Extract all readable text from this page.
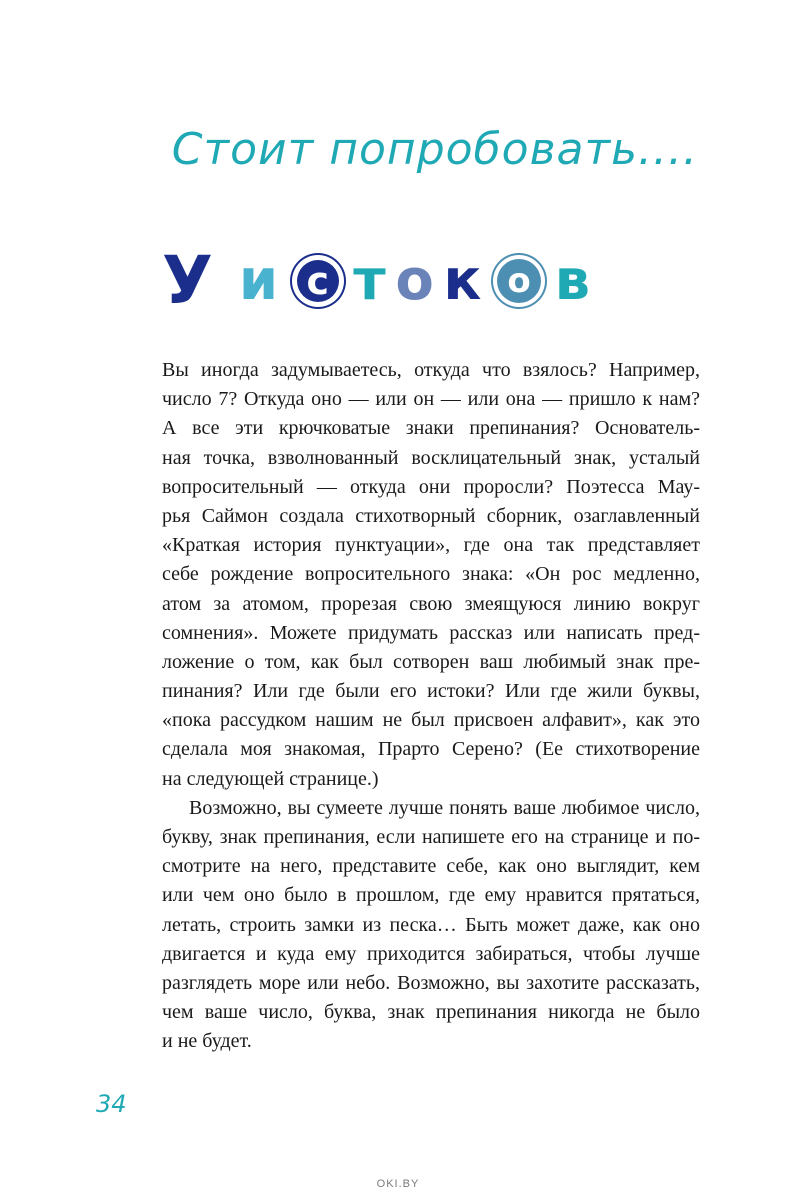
Стоит попробовать....
У и с т о к о в
Вы иногда задумываетесь, откуда что взялось? Например,
число 7? Откуда оно — или он — или она — пришло к нам?
А все эти крючковатые знаки препинания? Основатель-
ная точка, взволнованный восклицательный знак, усталый
вопросительный — откуда они проросли? Поэтесса Мау-
рья Саймон создала стихотворный сборник, озаглавленный
«Краткая история пунктуации», где она так представляет
себе рождение вопросительного знака: «Он рос медленно,
атом за атомом, прорезая свою змеящуюся линию вокруг
сомнения». Можете придумать рассказ или написать пред-
ложение о том, как был сотворен ваш любимый знак пре-
пинания? Или где были его истоки? Или где жили буквы,
«пока рассудком нашим не был присвоен алфавит», как это
сделала моя знакомая, Прарто Серено? (Ее стихотворение
на следующей странице.)
Возможно, вы сумеете лучше понять ваше любимое число,
букву, знак препинания, если напишете его на странице и по-
смотрите на него, представите себе, как оно выглядит, кем
или чем оно было в прошлом, где ему нравится прятаться,
летать, строить замки из песка… Быть может даже, как оно
двигается и куда ему приходится забираться, чтобы лучше
разглядеть море или небо. Возможно, вы захотите рассказать,
чем ваше число, буква, знак препинания никогда не было
и не будет.
34
OKI.BY
